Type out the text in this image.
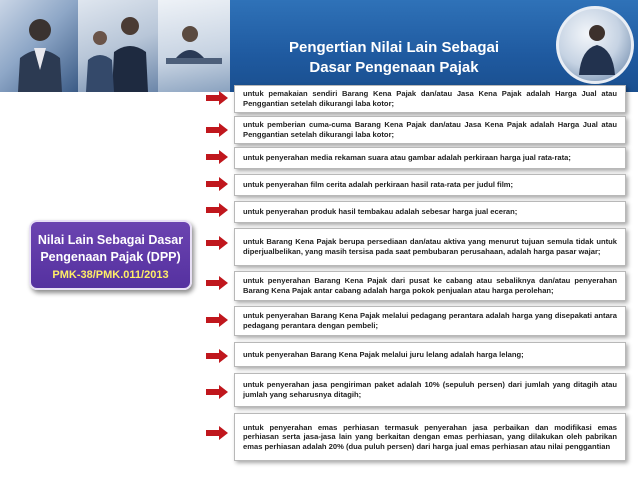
Pengertian Nilai Lain Sebagai
Dasar Pengenaan Pajak
Nilai Lain Sebagai Dasar
Pengenaan Pajak (DPP)
PMK-38/PMK.011/2013
untuk pemakaian sendiri Barang Kena Pajak dan/atau Jasa Kena Pajak adalah Harga Jual atau Penggantian setelah dikurangi laba kotor;
untuk pemberian cuma-cuma Barang Kena Pajak dan/atau Jasa Kena Pajak adalah Harga Jual atau Penggantian setelah dikurangi laba kotor;
untuk penyerahan media rekaman suara atau gambar adalah perkiraan harga jual rata-rata;
untuk penyerahan film cerita adalah perkiraan hasil rata-rata per judul film;
untuk penyerahan produk hasil tembakau adalah sebesar harga jual eceran;
untuk Barang Kena Pajak berupa persediaan dan/atau aktiva yang menurut tujuan semula tidak untuk diperjualbelikan, yang masih tersisa pada saat pembubaran perusahaan, adalah harga pasar wajar;
untuk penyerahan Barang Kena Pajak dari pusat ke cabang atau sebaliknya dan/atau penyerahan Barang Kena Pajak antar cabang adalah harga pokok penjualan atau harga perolehan;
untuk penyerahan Barang Kena Pajak melalui pedagang perantara adalah harga yang disepakati antara pedagang perantara dengan pembeli;
untuk penyerahan Barang Kena Pajak melalui juru lelang adalah harga lelang;
untuk penyerahan jasa pengiriman paket adalah 10% (sepuluh persen) dari jumlah yang ditagih atau jumlah yang seharusnya ditagih;
untuk penyerahan emas perhiasan termasuk penyerahan jasa perbaikan dan modifikasi emas perhiasan serta jasa-jasa lain yang berkaitan dengan emas perhiasan, yang dilakukan oleh pabrikan emas perhiasan adalah 20% (dua puluh persen) dari harga jual emas perhiasan atau nilai penggantian
